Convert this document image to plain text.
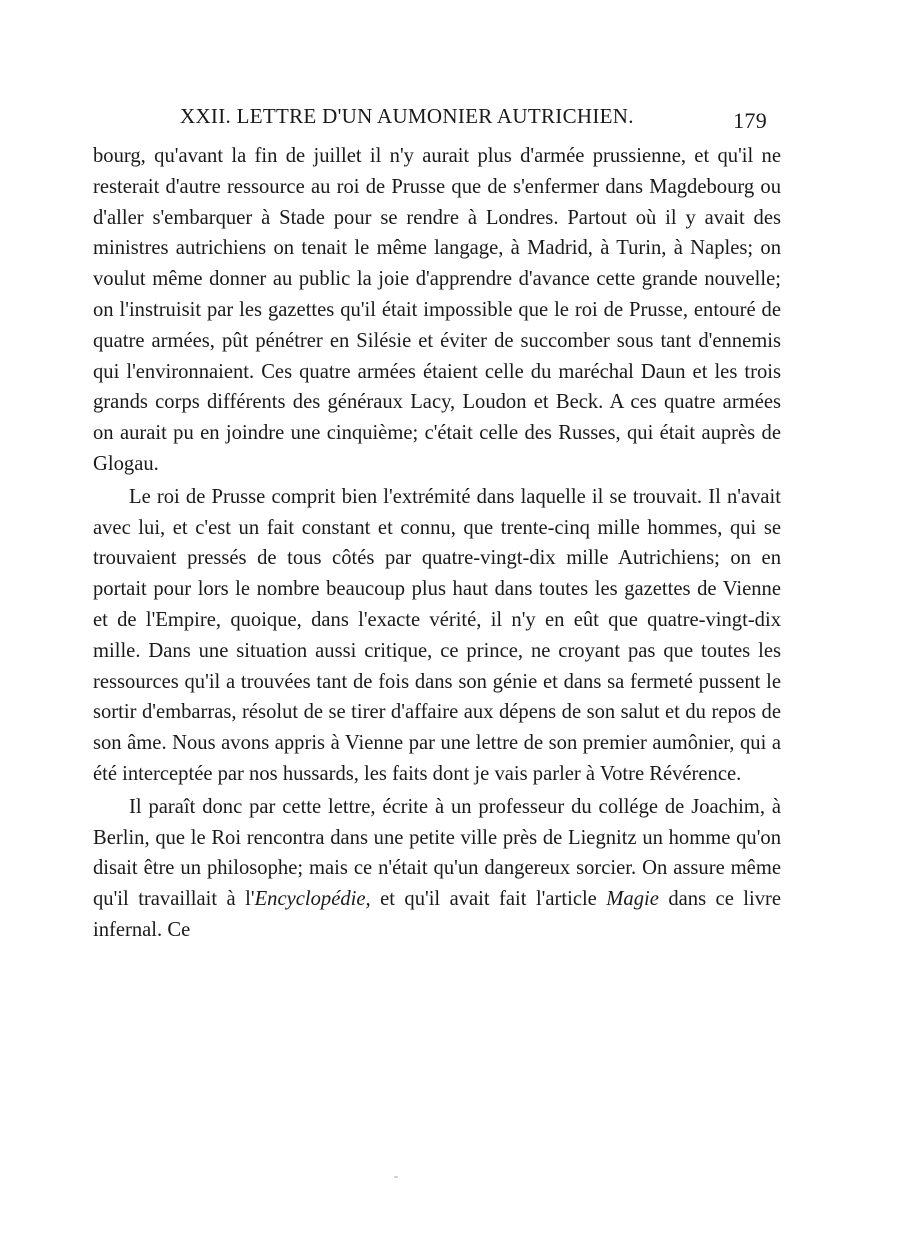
XXII. LETTRE D'UN AUMONIER AUTRICHIEN.	179

bourg, qu'avant la fin de juillet il n'y aurait plus d'armée prussienne, et qu'il ne resterait d'autre ressource au roi de Prusse que de s'enfermer dans Magdebourg ou d'aller s'embarquer à Stade pour se rendre à Londres. Partout où il y avait des ministres autrichiens on tenait le même langage, à Madrid, à Turin, à Naples; on voulut même donner au public la joie d'apprendre d'avance cette grande nouvelle; on l'instruisit par les gazettes qu'il était impossible que le roi de Prusse, entouré de quatre armées, pût pénétrer en Silésie et éviter de succomber sous tant d'ennemis qui l'environnaient. Ces quatre armées étaient celle du maréchal Daun et les trois grands corps différents des généraux Lacy, Loudon et Beck. A ces quatre armées on aurait pu en joindre une cinquième; c'était celle des Russes, qui était auprès de Glogau.

Le roi de Prusse comprit bien l'extrémité dans laquelle il se trouvait. Il n'avait avec lui, et c'est un fait constant et connu, que trente-cinq mille hommes, qui se trouvaient pressés de tous côtés par quatre-vingt-dix mille Autrichiens; on en portait pour lors le nombre beaucoup plus haut dans toutes les gazettes de Vienne et de l'Empire, quoique, dans l'exacte vérité, il n'y en eût que quatre-vingt-dix mille. Dans une situation aussi critique, ce prince, ne croyant pas que toutes les ressources qu'il a trouvées tant de fois dans son génie et dans sa fermeté pussent le sortir d'embarras, résolut de se tirer d'affaire aux dépens de son salut et du repos de son âme. Nous avons appris à Vienne par une lettre de son premier aumônier, qui a été interceptée par nos hussards, les faits dont je vais parler à Votre Révérence.

Il paraît donc par cette lettre, écrite à un professeur du collége de Joachim, à Berlin, que le Roi rencontra dans une petite ville près de Liegnitz un homme qu'on disait être un philosophe; mais ce n'était qu'un dangereux sorcier. On assure même qu'il travaillait à l'Encyclopédie, et qu'il avait fait l'article Magie dans ce livre infernal. Ce
